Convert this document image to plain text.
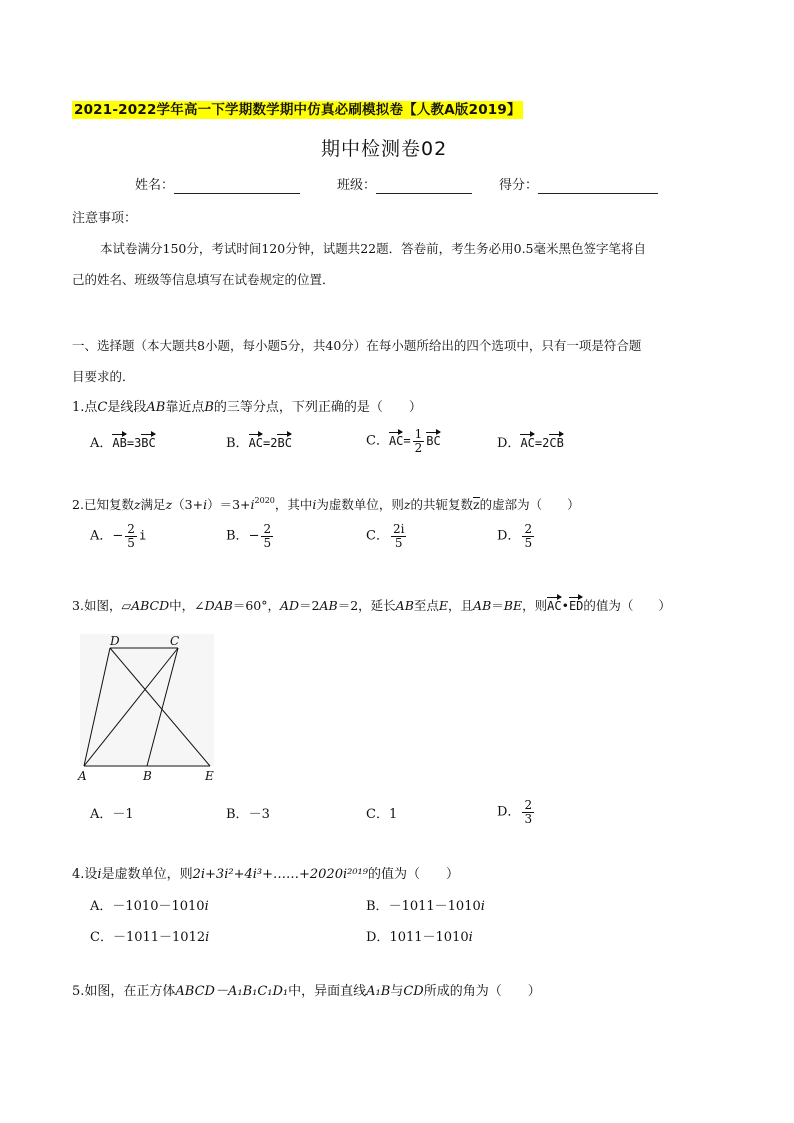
2021-2022学年高一下学期数学期中仿真必刷模拟卷【人教A版2019】
期中检测卷02
姓名：	班级：	得分：
注意事项：
本试卷满分150分，考试时间120分钟，试题共22题．答卷前，考生务必用0.5毫米黑色签字笔将自
己的姓名、班级等信息填写在试卷规定的位置．
一、选择题（本大题共8小题，每小题5分，共40分）在每小题所给出的四个选项中，只有一项是符合题
目要求的．
1.点C是线段AB靠近点B的三等分点，下列正确的是（　　）
A．AB=3BC	B．AC=2BC	C．$AC= \frac{1}{2}$ BC	D．AC=2CB
2.已知复数z满足$z(3+i)=3+i^{2020}$，其中i为虚数单位，则z的共轭复数z的虚部为（　　）
A．− $\frac{2}{5}$ i	B．− $\frac{2}{5}$	C． $\frac{2i}{5}$	D． $\frac{2}{5}$
3.如图，▱ABCD中，∠DAB＝60°，AD＝2AB＝2，延长AB至点E，且AB＝BE，则AC•ED的值为（　　）
D	C
A	B	E
A．－1	B．－3	C．1	D． $\frac{2}{3}$
4.设i是虚数单位，则2i+3i²+4i³+……+2020i²⁰¹⁹的值为（　　）
A．－1010－1010i	B．－1011－1010i
C．－1011－1012i	D．1011－1010i
5.如图，在正方体ABCD－A₁B₁C₁D₁中，异面直线A₁B与CD所成的角为（　　）
